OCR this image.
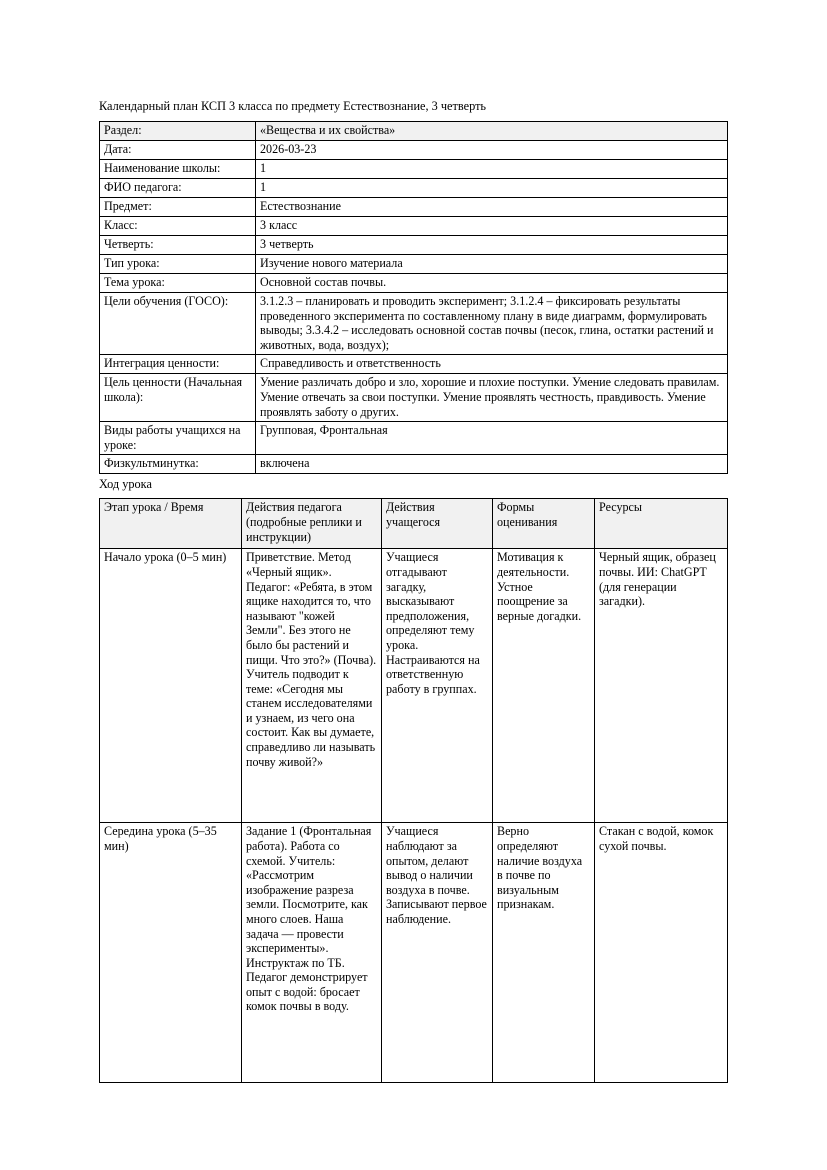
Календарный план КСП 3 класса по предмету Естествознание, 3 четверть

Раздел:	«Вещества и их свойства»
Дата:	2026-03-23
Наименование школы:	1
ФИО педагога:	1
Предмет:	Естествознание
Класс:	3 класс
Четверть:	3 четверть
Тип урока:	Изучение нового материала
Тема урока:	Основной состав почвы.
Цели обучения (ГОСО):	3.1.2.3 – планировать и проводить эксперимент; 3.1.2.4 – фиксировать результаты проведенного эксперимента по составленному плану в виде диаграмм, формулировать выводы; 3.3.4.2 – исследовать основной состав почвы (песок, глина, остатки растений и животных, вода, воздух);
Интеграция ценности:	Справедливость и ответственность
Цель ценности (Начальная школа):	Умение различать добро и зло, хорошие и плохие поступки. Умение следовать правилам. Умение отвечать за свои поступки. Умение проявлять честность, правдивость. Умение проявлять заботу о других.
Виды работы учащихся на уроке:	Групповая, Фронтальная
Физкультминутка:	включена

Ход урока

Этап урока / Время	Действия педагога (подробные реплики и инструкции)	Действия учащегося	Формы оценивания	Ресурсы
Начало урока (0–5 мин)	Приветствие. Метод «Черный ящик». Педагог: «Ребята, в этом ящике находится то, что называют "кожей Земли". Без этого не было бы растений и пищи. Что это?» (Почва). Учитель подводит к теме: «Сегодня мы станем исследователями и узнаем, из чего она состоит. Как вы думаете, справедливо ли называть почву живой?»	Учащиеся отгадывают загадку, высказывают предположения, определяют тему урока. Настраиваются на ответственную работу в группах.	Мотивация к деятельности. Устное поощрение за верные догадки.	Черный ящик, образец почвы. ИИ: ChatGPT (для генерации загадки).
Середина урока (5–35 мин)	Задание 1 (Фронтальная работа). Работа со схемой. Учитель: «Рассмотрим изображение разреза земли. Посмотрите, как много слоев. Наша задача — провести эксперименты». Инструктаж по ТБ. Педагог демонстрирует опыт с водой: бросает комок почвы в воду.	Учащиеся наблюдают за опытом, делают вывод о наличии воздуха в почве. Записывают первое наблюдение.	Верно определяют наличие воздуха в почве по визуальным признакам.	Стакан с водой, комок сухой почвы.
